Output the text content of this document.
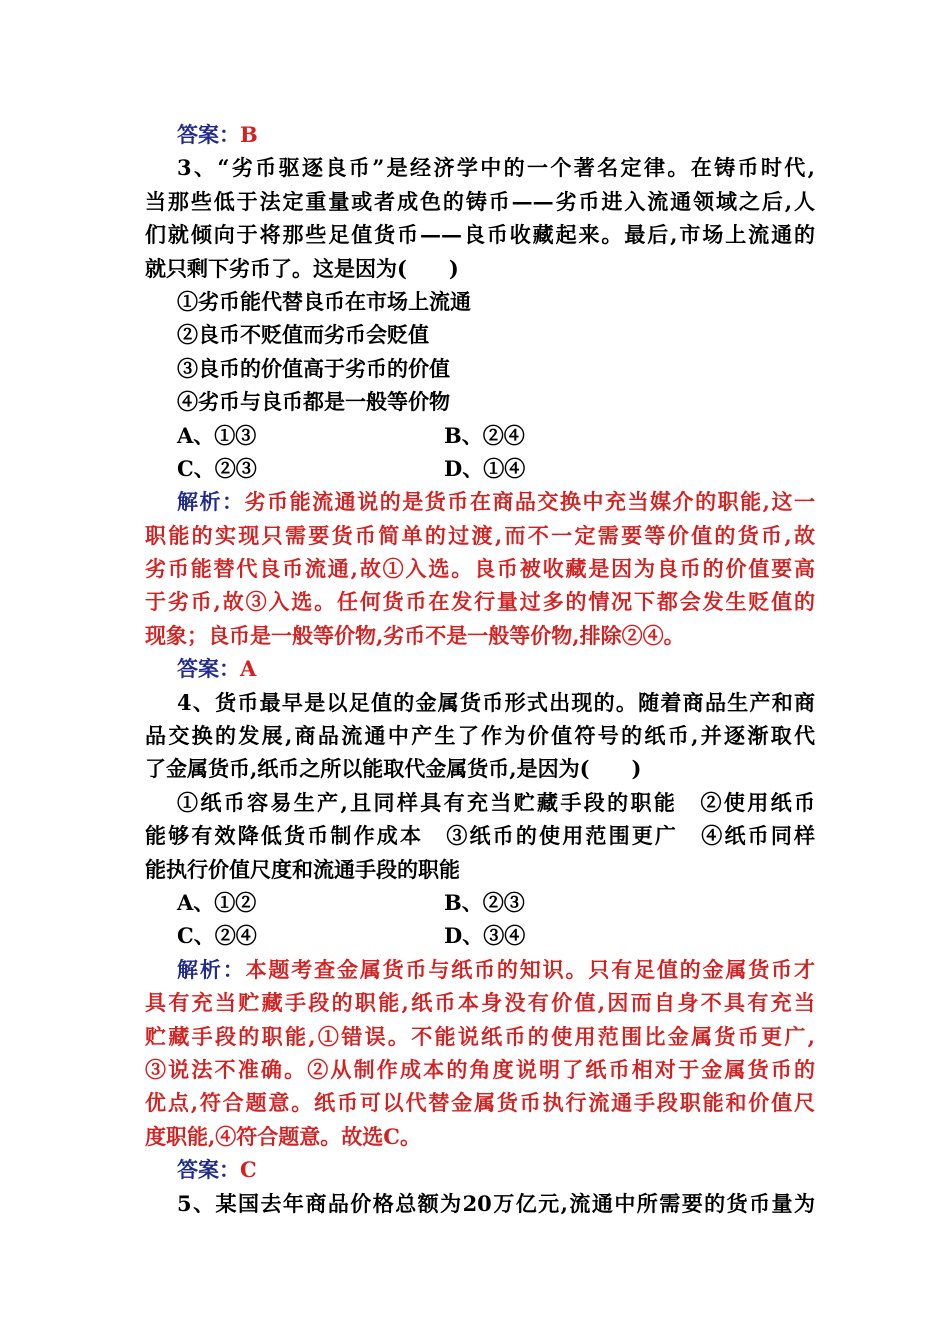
答案：B
3、“劣币驱逐良币”是经济学中的一个著名定律。在铸币时代,
当那些低于法定重量或者成色的铸币——劣币进入流通领域之后,人
们就倾向于将那些足值货币——良币收藏起来。最后,市场上流通的
就只剩下劣币了。这是因为(　　)
①劣币能代替良币在市场上流通
②良币不贬值而劣币会贬值
③良币的价值高于劣币的价值
④劣币与良币都是一般等价物
A、①③	B、②④
C、②③	D、①④
解析：劣币能流通说的是货币在商品交换中充当媒介的职能,这一
职能的实现只需要货币简单的过渡,而不一定需要等价值的货币,故
劣币能替代良币流通,故①入选。良币被收藏是因为良币的价值要高
于劣币,故③入选。任何货币在发行量过多的情况下都会发生贬值的
现象；良币是一般等价物,劣币不是一般等价物,排除②④。
答案：A
4、货币最早是以足值的金属货币形式出现的。随着商品生产和商
品交换的发展,商品流通中产生了作为价值符号的纸币,并逐渐取代
了金属货币,纸币之所以能取代金属货币,是因为(　　)
①纸币容易生产,且同样具有充当贮藏手段的职能　②使用纸币
能够有效降低货币制作成本　③纸币的使用范围更广　④纸币同样
能执行价值尺度和流通手段的职能
A、①②	B、②③
C、②④	D、③④
解析：本题考查金属货币与纸币的知识。只有足值的金属货币才
具有充当贮藏手段的职能,纸币本身没有价值,因而自身不具有充当
贮藏手段的职能,①错误。不能说纸币的使用范围比金属货币更广,
③说法不准确。②从制作成本的角度说明了纸币相对于金属货币的
优点,符合题意。纸币可以代替金属货币执行流通手段职能和价值尺
度职能,④符合题意。故选C。
答案：C
5、某国去年商品价格总额为20万亿元,流通中所需要的货币量为
